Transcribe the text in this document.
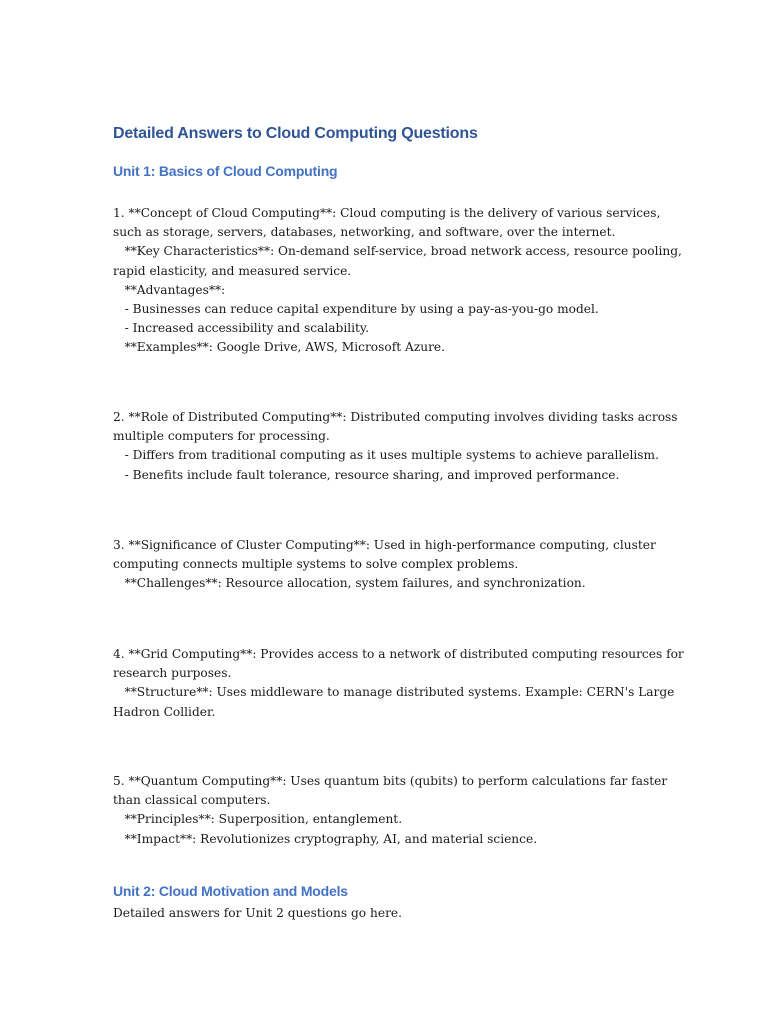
Detailed Answers to Cloud Computing Questions
Unit 1: Basics of Cloud Computing
1. **Concept of Cloud Computing**: Cloud computing is the delivery of various services,
such as storage, servers, databases, networking, and software, over the internet.
**Key Characteristics**: On-demand self-service, broad network access, resource pooling,
rapid elasticity, and measured service.
**Advantages**:
- Businesses can reduce capital expenditure by using a pay-as-you-go model.
- Increased accessibility and scalability.
**Examples**: Google Drive, AWS, Microsoft Azure.
2. **Role of Distributed Computing**: Distributed computing involves dividing tasks across
multiple computers for processing.
- Differs from traditional computing as it uses multiple systems to achieve parallelism.
- Benefits include fault tolerance, resource sharing, and improved performance.
3. **Significance of Cluster Computing**: Used in high-performance computing, cluster
computing connects multiple systems to solve complex problems.
**Challenges**: Resource allocation, system failures, and synchronization.
4. **Grid Computing**: Provides access to a network of distributed computing resources for
research purposes.
**Structure**: Uses middleware to manage distributed systems. Example: CERN's Large
Hadron Collider.
5. **Quantum Computing**: Uses quantum bits (qubits) to perform calculations far faster
than classical computers.
**Principles**: Superposition, entanglement.
**Impact**: Revolutionizes cryptography, AI, and material science.
Unit 2: Cloud Motivation and Models
Detailed answers for Unit 2 questions go here.
